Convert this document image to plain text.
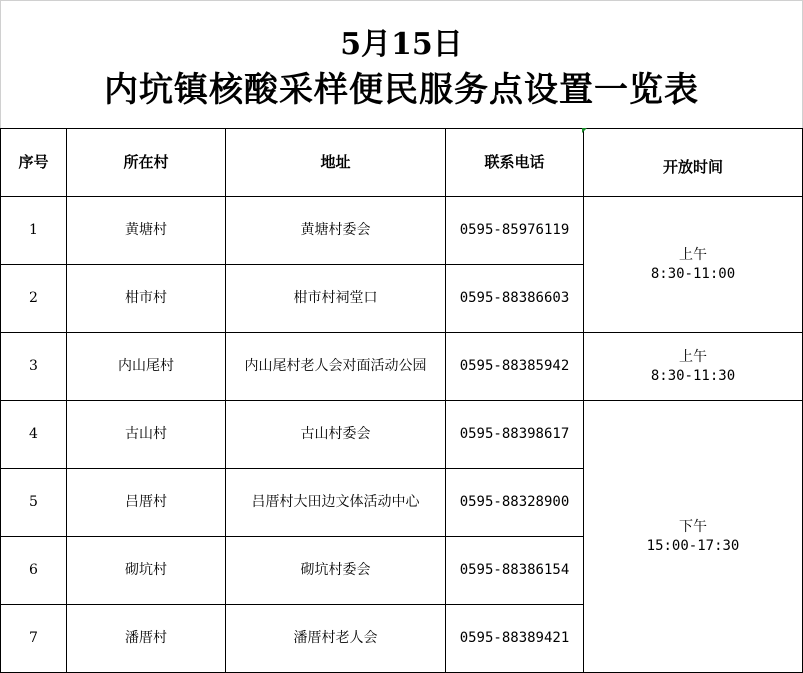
5月15日
内坑镇核酸采样便民服务点设置一览表
序号	所在村	地址	联系电话	开放时间

1	黄塘村	黄塘村委会	0595-85976119	上午
8:30-11:00

2	柑市村	柑市村祠堂口	0595-88386603	
3	内山尾村	内山尾村老人会对面活动公园	0595-88385942	上午
8:30-11:30

4	古山村	古山村委会	0595-88398617	下午
15:00-17:30

5	吕厝村	吕厝村大田边文体活动中心	0595-88328900	
6	砌坑村	砌坑村委会	0595-88386154	
7	潘厝村	潘厝村老人会	0595-88389421	
